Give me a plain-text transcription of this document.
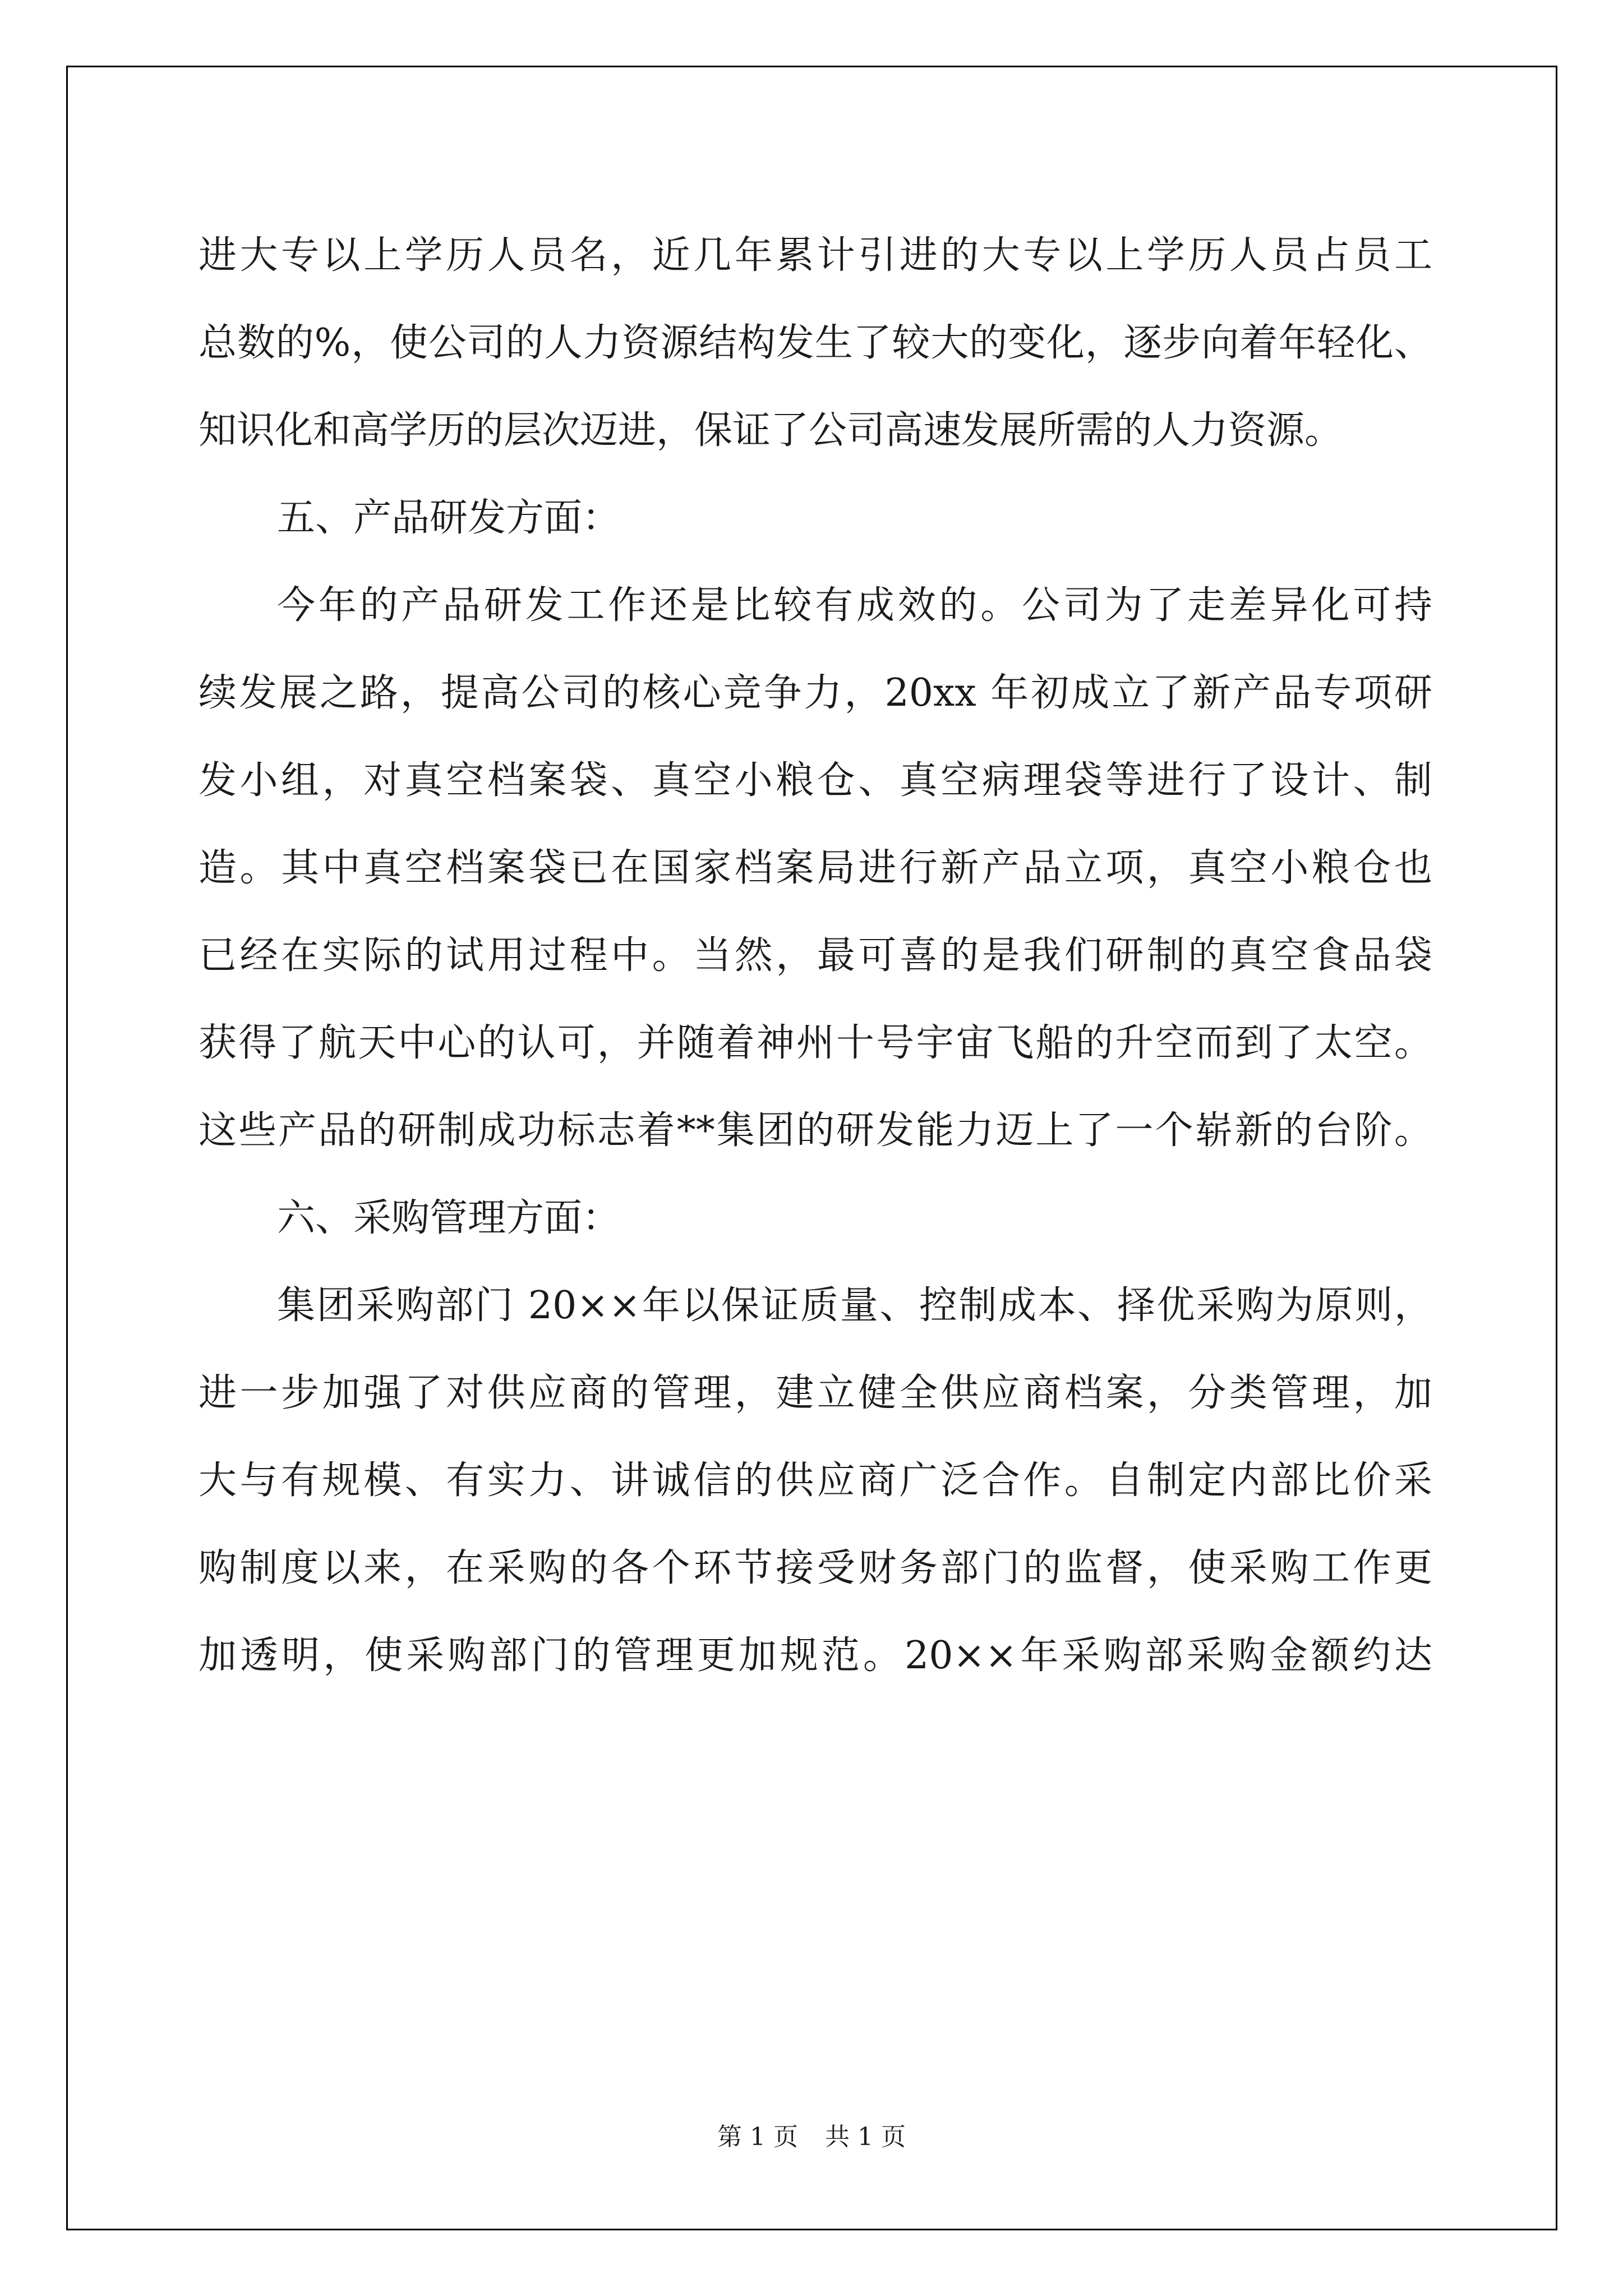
进大专以上学历人员名，近几年累计引进的大专以上学历人员占员工
总数的%，使公司的人力资源结构发生了较大的变化，逐步向着年轻化、
知识化和高学历的层次迈进，保证了公司高速发展所需的人力资源。
五、产品研发方面：
今年的产品研发工作还是比较有成效的。公司为了走差异化可持
续发展之路，提高公司的核心竞争力，20xx 年初成立了新产品专项研
发小组，对真空档案袋、真空小粮仓、真空病理袋等进行了设计、制
造。其中真空档案袋已在国家档案局进行新产品立项，真空小粮仓也
已经在实际的试用过程中。当然，最可喜的是我们研制的真空食品袋
获得了航天中心的认可，并随着神州十号宇宙飞船的升空而到了太空。
这些产品的研制成功标志着**集团的研发能力迈上了一个崭新的台阶。
六、采购管理方面：
集团采购部门 20××年以保证质量、控制成本、择优采购为原则，
进一步加强了对供应商的管理，建立健全供应商档案，分类管理，加
大与有规模、有实力、讲诚信的供应商广泛合作。自制定内部比价采
购制度以来，在采购的各个环节接受财务部门的监督，使采购工作更
加透明，使采购部门的管理更加规范。20××年采购部采购金额约达
第 1 页 共 1 页
